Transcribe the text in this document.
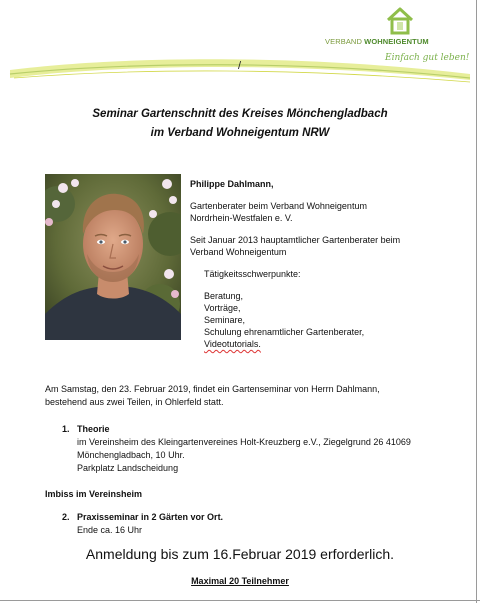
VERBAND WOHNEIGENTUM
Einfach gut leben!
/
Seminar Gartenschnitt des Kreises Mönchengladbach
im Verband Wohneigentum NRW

Philippe Dahlmann,

Gartenberater beim Verband Wohneigentum

Nordrhein-Westfalen e. V.

Seit Januar 2013 hauptamtlicher Gartenberater beim

Verband Wohneigentum

Tätigkeitsschwerpunkte:

Beratung,

Vorträge,

Seminare,

Schulung ehrenamtlicher Gartenberater,

Videotutorials.

Am Samstag, den 23. Februar 2019, findet ein Gartenseminar von Herrn Dahlmann,
bestehend aus zwei Teilen, in Ohlerfeld statt.
1. Theorie
im Vereinsheim des Kleingartenvereines Holt-Kreuzberg e.V., Ziegelgrund 26 41069
Mönchengladbach, 10 Uhr.
Parkplatz Landscheidung
Imbiss im Vereinsheim
2. Praxisseminar in 2 Gärten vor Ort.
Ende ca. 16 Uhr
Anmeldung bis zum 16.Februar 2019 erforderlich.
Maximal 20 Teilnehmer
